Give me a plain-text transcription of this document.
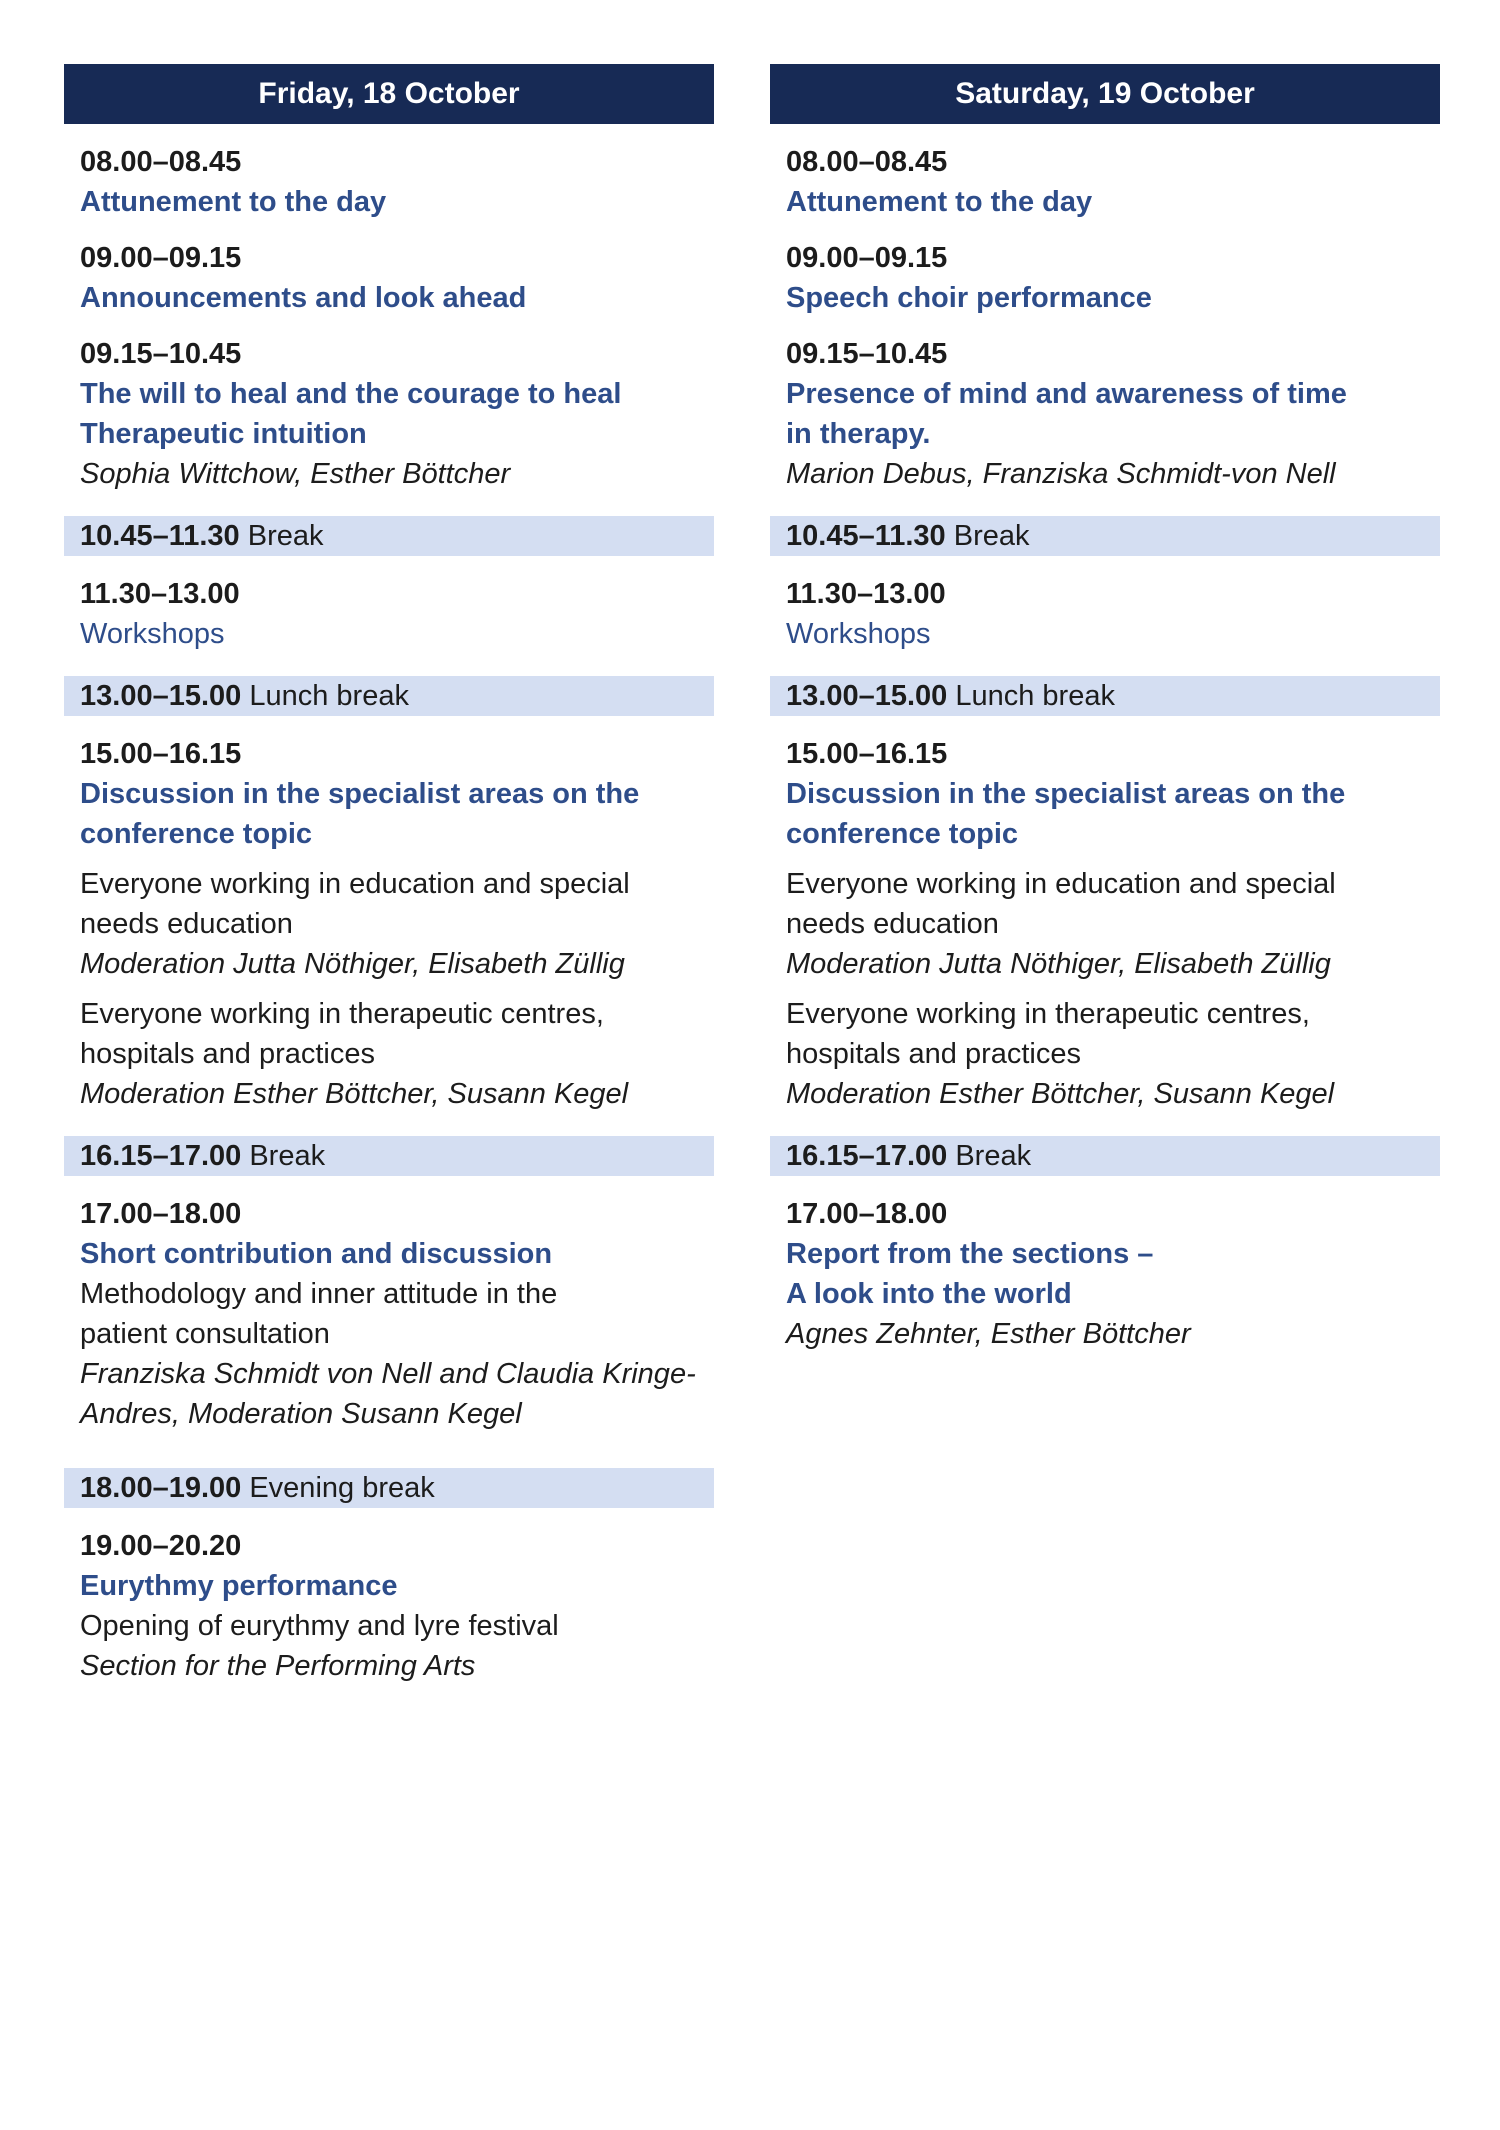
Friday, 18 October
08.00–08.45
Attunement to the day
09.00–09.15
Announcements and look ahead
09.15–10.45
The will to heal and the courage to heal
Therapeutic intuition
Sophia Wittchow, Esther Böttcher
10.45–11.30 Break
11.30–13.00
Workshops
13.00–15.00 Lunch break
15.00–16.15
Discussion in the specialist areas on the
conference topic
Everyone working in education and special
needs education
Moderation Jutta Nöthiger, Elisabeth Züllig
Everyone working in therapeutic centres,
hospitals and practices
Moderation Esther Böttcher, Susann Kegel
16.15–17.00 Break
17.00–18.00
Short contribution and discussion
Methodology and inner attitude in the
patient consultation
Franziska Schmidt von Nell and Claudia Kringe-
Andres, Moderation Susann Kegel
18.00–19.00 Evening break
19.00–20.20
Eurythmy performance
Opening of eurythmy and lyre festival
Section for the Performing Arts
Saturday, 19 October
08.00–08.45
Attunement to the day
09.00–09.15
Speech choir performance
09.15–10.45
Presence of mind and awareness of time
in therapy.
Marion Debus, Franziska Schmidt-von Nell
10.45–11.30 Break
11.30–13.00
Workshops
13.00–15.00 Lunch break
15.00–16.15
Discussion in the specialist areas on the
conference topic
Everyone working in education and special
needs education
Moderation Jutta Nöthiger, Elisabeth Züllig
Everyone working in therapeutic centres,
hospitals and practices
Moderation Esther Böttcher, Susann Kegel
16.15–17.00 Break
17.00–18.00
Report from the sections –
A look into the world
Agnes Zehnter, Esther Böttcher
